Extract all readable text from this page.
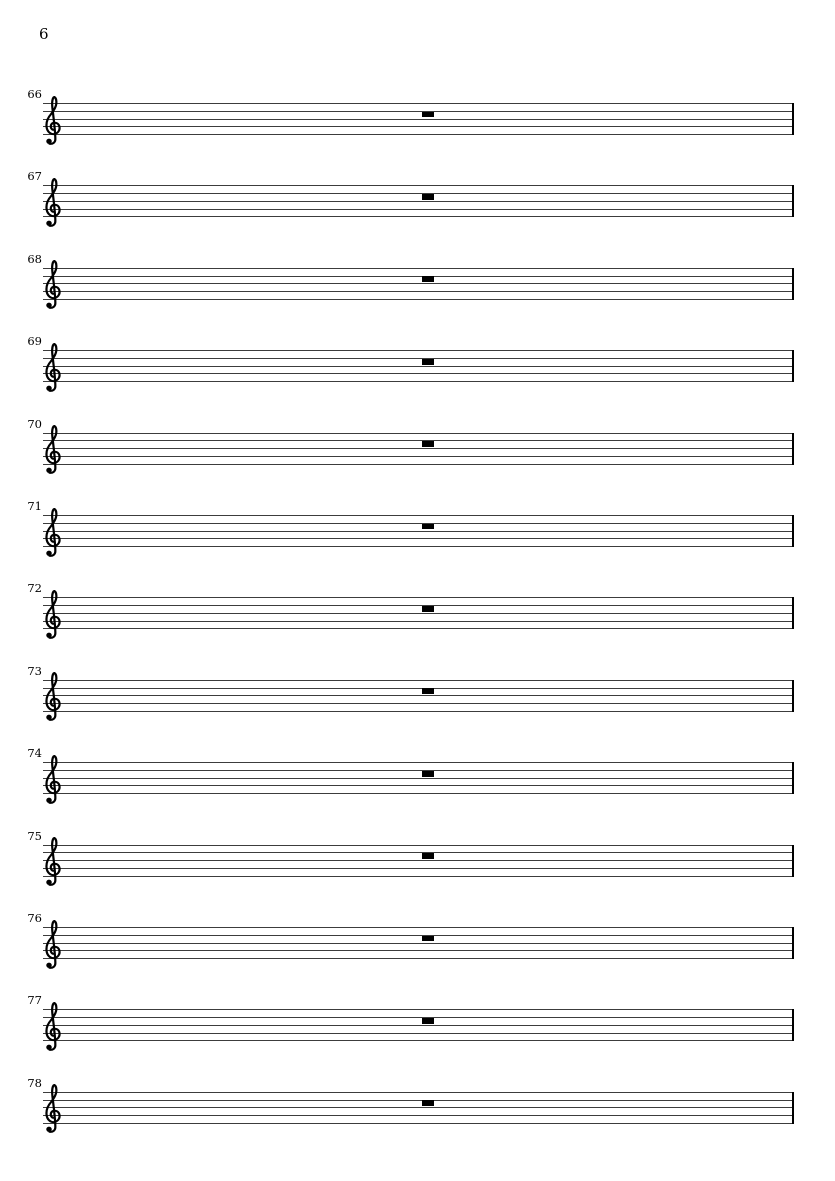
6
66
67
68
69
70
71
72
73
74
75
76
77
78
